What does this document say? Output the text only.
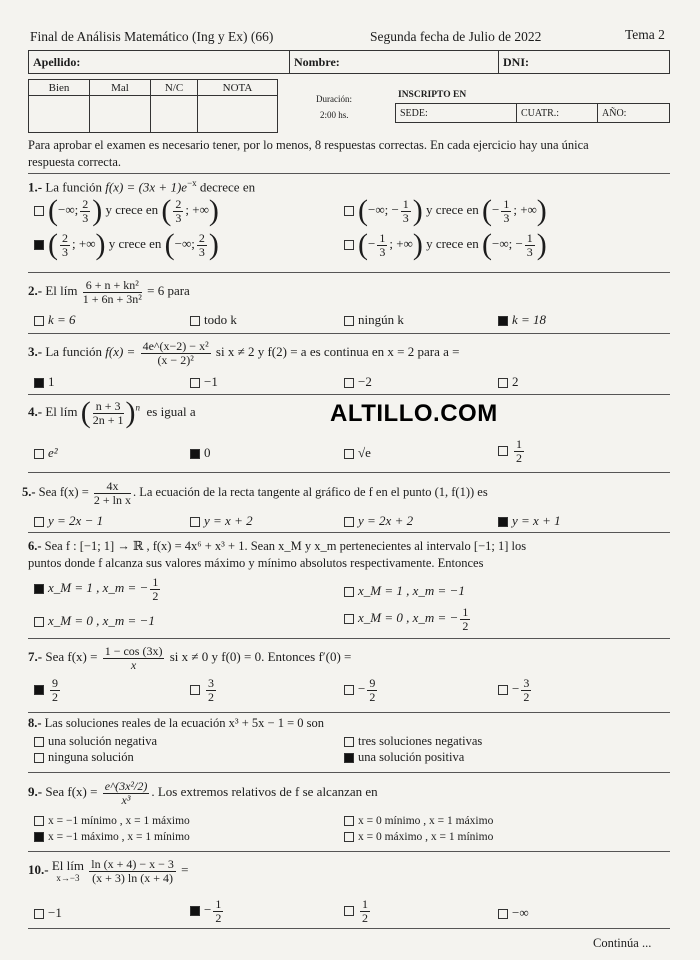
Final de Análisis Matemático (Ing y Ex) (66)	Segunda fecha de Julio de 2022	Tema 2
Apellido:	Nombre:	DNI:
Bien	Mal	N/C	NOTA

Duración:
2:00 hs.
INSCRIPTO EN
SEDE:	CUATR.:	AÑO:
Para aprobar el examen es necesario tener, por lo menos, 8 respuestas correctas. En cada ejercicio hay una única
respuesta correcta.
1.- La función $f(x) = (3x + 1)e^{-x}$ decrece en
(−∞; $\frac{2}{3}$ ) y crece en ( $\frac{2}{3}$ ; +∞)	(−∞; − $\frac{1}{3}$ ) y crece en (− $\frac{1}{3}$ ; +∞)
( $\frac{2}{3}$ ; +∞) y crece en (−∞; $\frac{2}{3}$ )	(− $\frac{1}{3}$ ; +∞) y crece en (−∞; − $\frac{1}{3}$ )
2.- El lím $\frac{\text{6 + n + kn²}}{\text{1 + 6n + 3n²}} = 6$ para
k = 6	todo k	ningún k	k = 18
3.- La función $f(x) = \frac{\text{4e\textasciicircum{}(x−2) − x²}}{\text{(x − 2)²}}$ si x ≠ 2 y f(2) = a es continua en x = 2 para a =
1	−1	−2	2
4.- El lím ( $\frac{n + 3}{2n + 1} )^n$ es igual a	ALTILLO.COM
e²	0	√e	$\frac{1}{2}$
5.- Sea $f(x) = \frac{4x}{\text{2 + ln x}}$ . La ecuación de la recta tangente al gráfico de f en el punto (1, f(1)) es
y = 2x − 1	y = x + 2	y = 2x + 2	y = x + 1
6.- Sea f : [−1; 1] → ℝ , f(x) = 4x⁶ + x³ + 1. Sean x_M y x_m pertenecientes al intervalo [−1; 1] los
puntos donde f alcanza sus valores máximo y mínimo absolutos respectivamente. Entonces
x_M = 1 , x_m = − $\frac{1}{2}$	x_M = 1 , x_m = −1
x_M = 0 , x_m = −1	x_M = 0 , x_m = − $\frac{1}{2}$
7.- Sea $f(x) = \frac{1 - \cos (3x)}{x}$ si x ≠ 0 y f(0) = 0. Entonces f′(0) =
$\frac{9}{2}$	$\frac{3}{2}$	− $\frac{9}{2}$	− $\frac{3}{2}$
8.- Las soluciones reales de la ecuación x³ + 5x − 1 = 0 son
una solución negativa	tres soluciones negativas
ninguna solución	una solución positiva
9.- Sea $f(x) = \frac{\text{e\textasciicircum{}(3x²/2)}}{\text{x³}}$ . Los extremos relativos de f se alcanzan en
x = −1 mínimo , x = 1 máximo	x = 0 mínimo , x = 1 máximo
x = −1 máximo , x = 1 mínimo	x = 0 máximo , x = 1 mínimo
10.- El lím
x→−3
$\frac{\ln (x + 4) - x - 3}{(x + 3) \ln (x + 4)}$ =
−1	− $\frac{1}{2}$	$\frac{1}{2}$	−∞
Continúa ...
